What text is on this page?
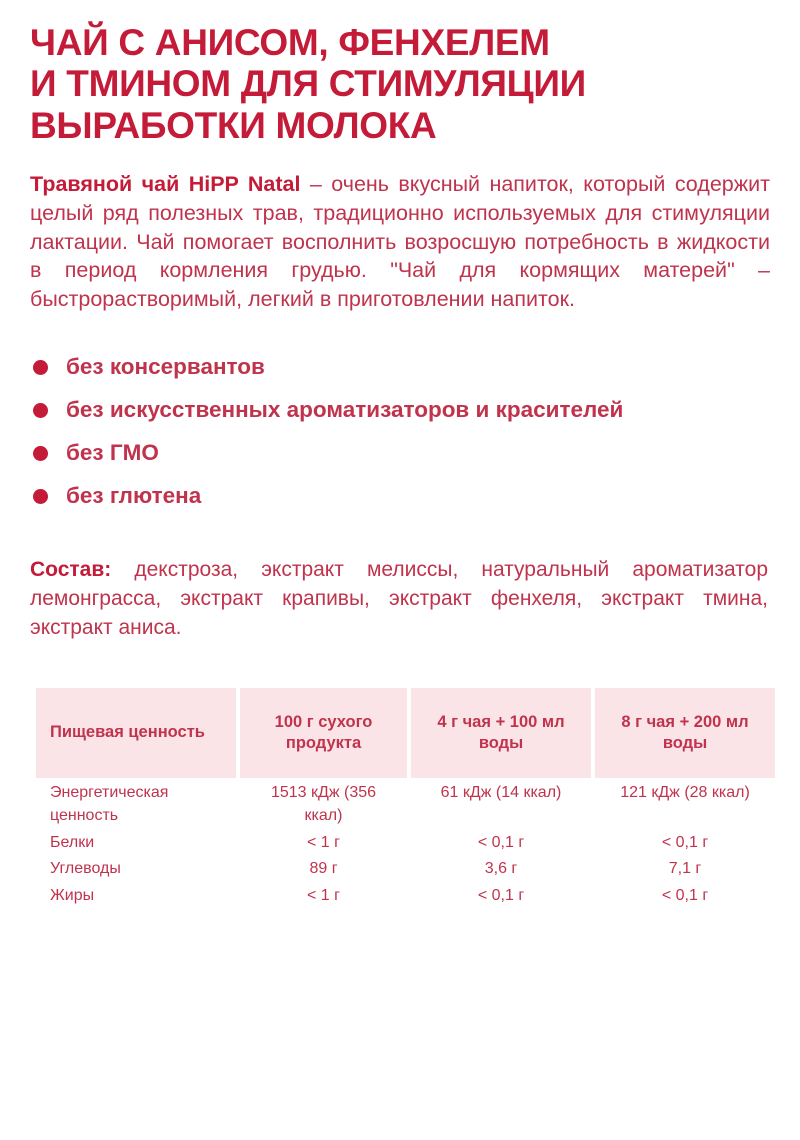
ЧАЙ С АНИСОМ, ФЕНХЕЛЕМ
И ТМИНОМ ДЛЯ СТИМУЛЯЦИИ
ВЫРАБОТКИ МОЛОКА

Травяной чай HiPP Natal – очень вкусный напиток, который содержит целый ряд полезных трав, традиционно используемых для стимуляции лактации. Чай помогает восполнить возросшую потребность в жидкости в период кормления грудью. "Чай для кормящих матерей" – быстрорастворимый, легкий в приготовлении напиток.

без консервантов
без искусственных ароматизаторов и красителей
без ГМО
без глютена

Состав: декстроза, экстракт мелиссы, натуральный ароматизатор лемонграсса, экстракт крапивы, экстракт фенхеля, экстракт тмина, экстракт аниса.

Пищевая ценность	100 г сухого продукта	4 г чая + 100 мл воды	8 г чая + 200 мл воды
Энергетическая ценность	1513 кДж (356 ккал)	61 кДж (14 ккал)	121 кДж (28 ккал)
Белки	< 1 г	< 0,1 г	< 0,1 г
Углеводы	89 г	3,6 г	7,1 г
Жиры	< 1 г	< 0,1 г	< 0,1 г
